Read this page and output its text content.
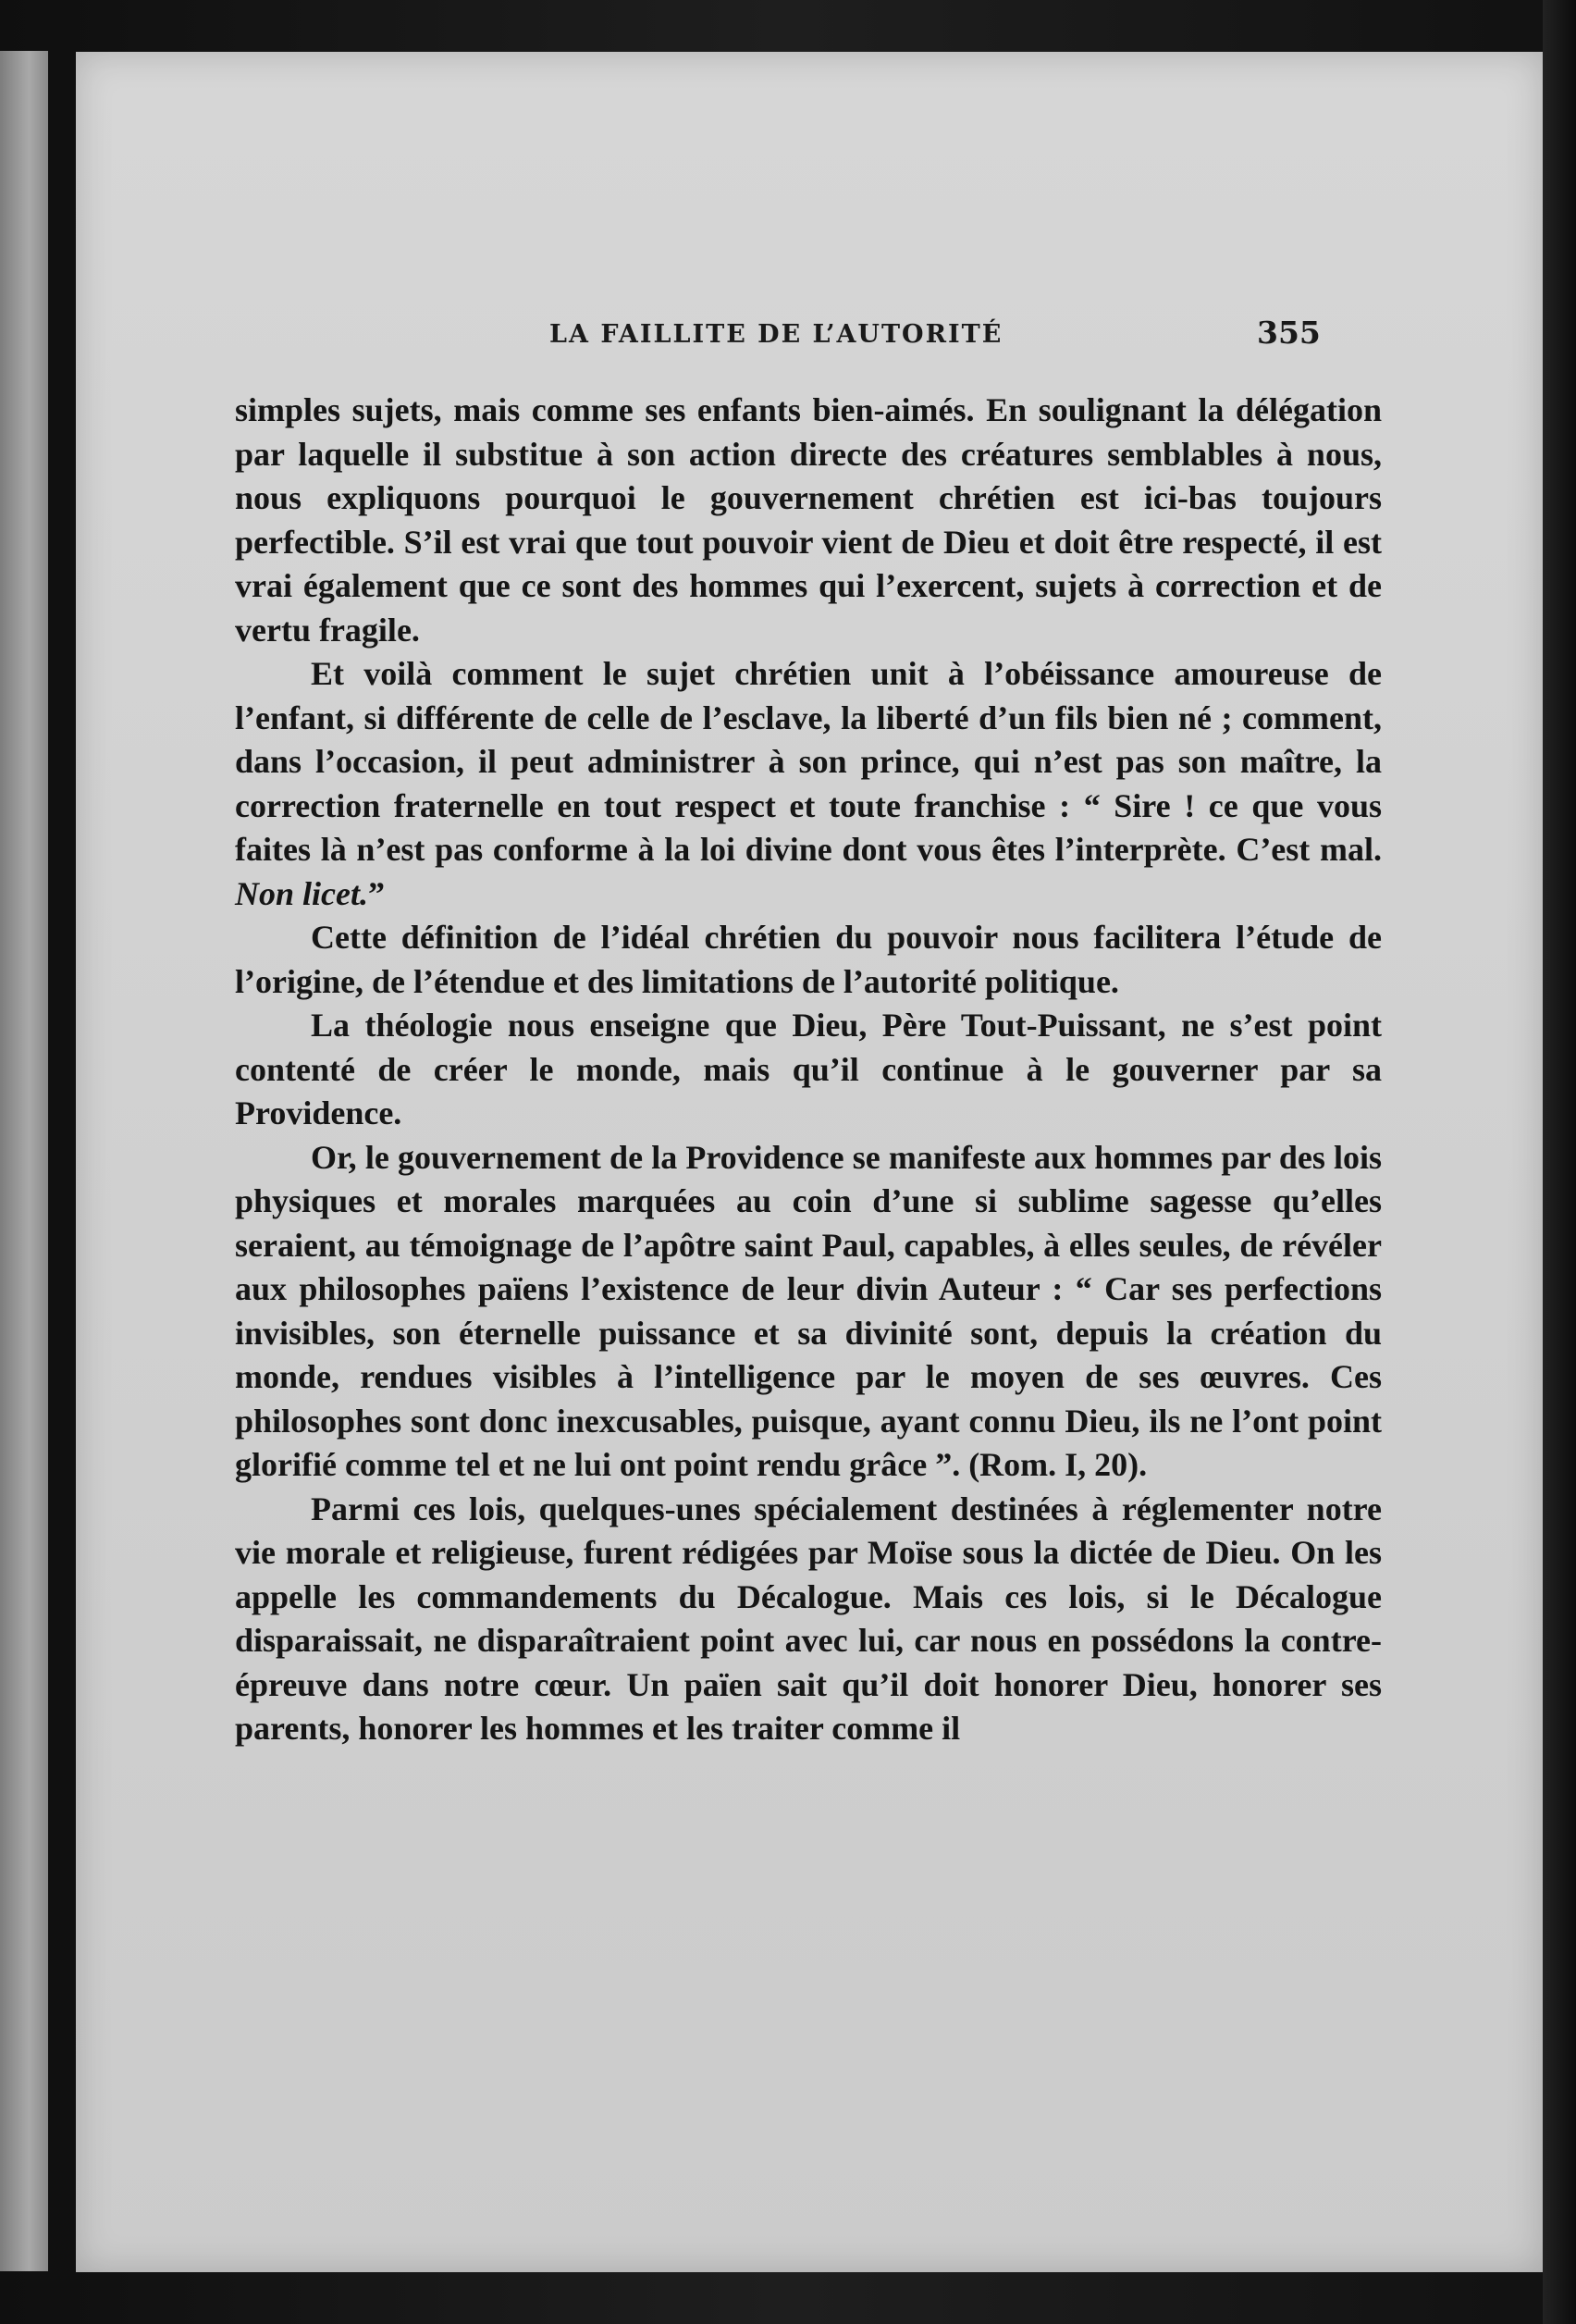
LA FAILLITE DE L’AUTORITÉ	355

simples sujets, mais comme ses enfants bien-aimés. En soulignant la délégation par laquelle il substitue à son action directe des créatures semblables à nous, nous expliquons pourquoi le gouvernement chrétien est ici-bas toujours perfectible. S’il est vrai que tout pouvoir vient de Dieu et doit être respecté, il est vrai également que ce sont des hommes qui l’exercent, sujets à correction et de vertu fragile.

Et voilà comment le sujet chrétien unit à l’obéissance amoureuse de l’enfant, si différente de celle de l’esclave, la liberté d’un fils bien né ; comment, dans l’occasion, il peut administrer à son prince, qui n’est pas son maître, la correction fraternelle en tout respect et toute franchise : “ Sire ! ce que vous faites là n’est pas conforme à la loi divine dont vous êtes l’interprète. C’est mal. Non licet.”

Cette définition de l’idéal chrétien du pouvoir nous facilitera l’étude de l’origine, de l’étendue et des limitations de l’autorité politique.

La théologie nous enseigne que Dieu, Père Tout-Puissant, ne s’est point contenté de créer le monde, mais qu’il continue à le gouverner par sa Providence.

Or, le gouvernement de la Providence se manifeste aux hommes par des lois physiques et morales marquées au coin d’une si sublime sagesse qu’elles seraient, au témoignage de l’apôtre saint Paul, capables, à elles seules, de révéler aux philosophes païens l’existence de leur divin Auteur : “ Car ses perfections invisibles, son éternelle puissance et sa divinité sont, depuis la création du monde, rendues visibles à l’intelligence par le moyen de ses œuvres. Ces philosophes sont donc inexcusables, puisque, ayant connu Dieu, ils ne l’ont point glorifié comme tel et ne lui ont point rendu grâce ”. (Rom. I, 20).

Parmi ces lois, quelques-unes spécialement destinées à réglementer notre vie morale et religieuse, furent rédigées par Moïse sous la dictée de Dieu. On les appelle les commandements du Décalogue. Mais ces lois, si le Décalogue disparaissait, ne disparaîtraient point avec lui, car nous en possédons la contre-épreuve dans notre cœur. Un païen sait qu’il doit honorer Dieu, honorer ses parents, honorer les hommes et les traiter comme il
